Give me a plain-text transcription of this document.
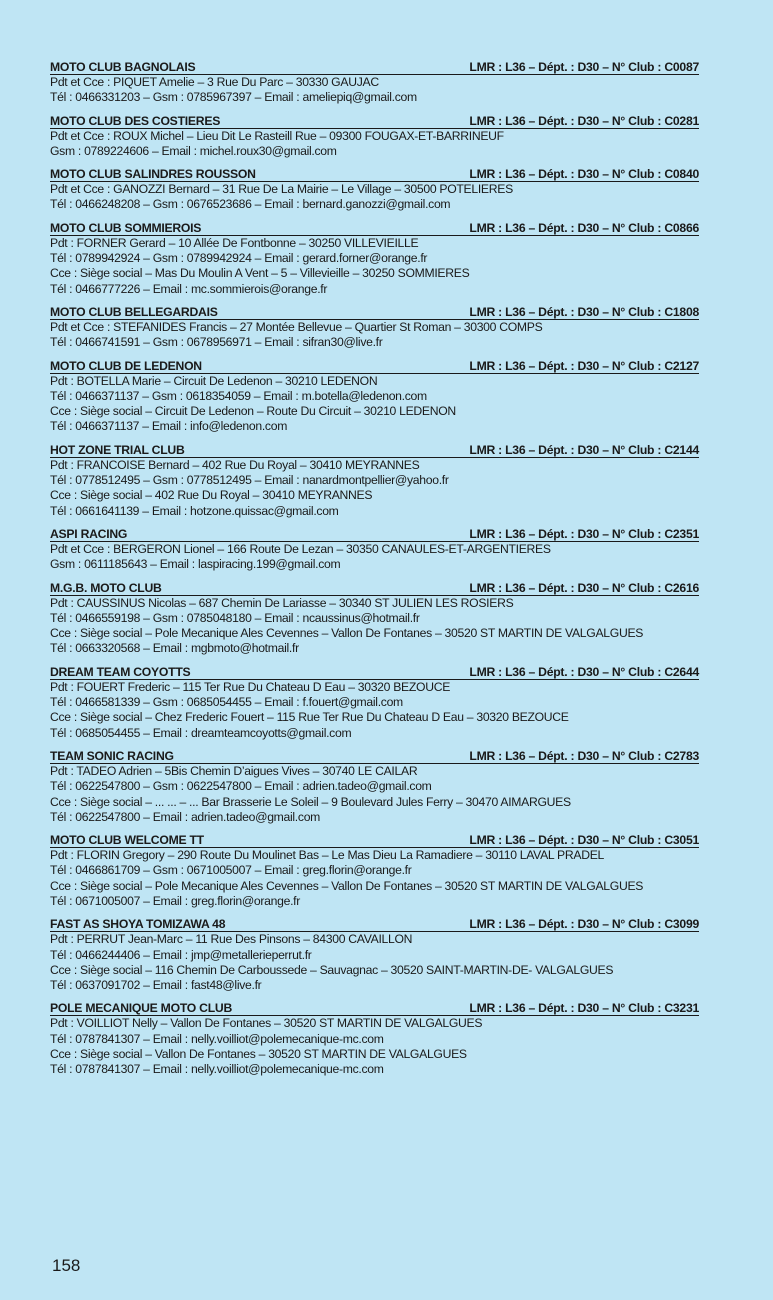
MOTO CLUB BAGNOLAIS	LMR : L36 – Dépt. : D30 – N° Club : C0087
Pdt et Cce : PIQUET Amelie – 3 Rue Du Parc – 30330 GAUJAC
Tél : 0466331203 – Gsm : 0785967397 – Email : ameliepiq@gmail.com
MOTO CLUB DES COSTIERES	LMR : L36 – Dépt. : D30 – N° Club : C0281
Pdt et Cce : ROUX Michel – Lieu Dit Le Rasteill Rue – 09300 FOUGAX-ET-BARRINEUF
Gsm : 0789224606 – Email : michel.roux30@gmail.com
MOTO CLUB SALINDRES ROUSSON	LMR : L36 – Dépt. : D30 – N° Club : C0840
Pdt et Cce : GANOZZI Bernard – 31 Rue De La Mairie – Le Village – 30500 POTELIERES
Tél : 0466248208 – Gsm : 0676523686 – Email : bernard.ganozzi@gmail.com
MOTO CLUB SOMMIEROIS	LMR : L36 – Dépt. : D30 – N° Club : C0866
Pdt : FORNER Gerard – 10 Allée De Fontbonne – 30250 VILLEVIEILLE
Tél : 0789942924 – Gsm : 0789942924 – Email : gerard.forner@orange.fr
Cce : Siège social – Mas Du Moulin A Vent – 5 – Villevieille – 30250 SOMMIERES
Tél : 0466777226 – Email : mc.sommierois@orange.fr
MOTO CLUB BELLEGARDAIS	LMR : L36 – Dépt. : D30 – N° Club : C1808
Pdt et Cce : STEFANIDES Francis – 27 Montée Bellevue – Quartier St Roman – 30300 COMPS
Tél : 0466741591 – Gsm : 0678956971 – Email : sifran30@live.fr
MOTO CLUB DE LEDENON	LMR : L36 – Dépt. : D30 – N° Club : C2127
Pdt : BOTELLA Marie – Circuit De Ledenon – 30210 LEDENON
Tél : 0466371137 – Gsm : 0618354059 – Email : m.botella@ledenon.com
Cce : Siège social – Circuit De Ledenon – Route Du Circuit – 30210 LEDENON
Tél : 0466371137 – Email : info@ledenon.com
HOT ZONE TRIAL CLUB	LMR : L36 – Dépt. : D30 – N° Club : C2144
Pdt : FRANCOISE Bernard – 402 Rue Du Royal – 30410 MEYRANNES
Tél : 0778512495 – Gsm : 0778512495 – Email : nanardmontpellier@yahoo.fr
Cce : Siège social – 402 Rue Du Royal – 30410 MEYRANNES
Tél : 0661641139 – Email : hotzone.quissac@gmail.com
ASPI RACING	LMR : L36 – Dépt. : D30 – N° Club : C2351
Pdt et Cce : BERGERON Lionel – 166 Route De Lezan – 30350 CANAULES-ET-ARGENTIERES
Gsm : 0611185643 – Email : laspiracing.199@gmail.com
M.G.B. MOTO CLUB	LMR : L36 – Dépt. : D30 – N° Club : C2616
Pdt : CAUSSINUS Nicolas – 687 Chemin De Lariasse – 30340 ST JULIEN LES ROSIERS
Tél : 0466559198 – Gsm : 0785048180 – Email : ncaussinus@hotmail.fr
Cce : Siège social – Pole Mecanique Ales Cevennes – Vallon De Fontanes – 30520 ST MARTIN DE VALGALGUES
Tél : 0663320568 – Email : mgbmoto@hotmail.fr
DREAM TEAM COYOTTS	LMR : L36 – Dépt. : D30 – N° Club : C2644
Pdt : FOUERT Frederic – 115 Ter Rue Du Chateau D Eau – 30320 BEZOUCE
Tél : 0466581339 – Gsm : 0685054455 – Email : f.fouert@gmail.com
Cce : Siège social – Chez Frederic Fouert – 115 Rue Ter Rue Du Chateau D Eau – 30320 BEZOUCE
Tél : 0685054455 – Email : dreamteamcoyotts@gmail.com
TEAM SONIC RACING	LMR : L36 – Dépt. : D30 – N° Club : C2783
Pdt : TADEO Adrien – 5Bis Chemin D’aigues Vives – 30740 LE CAILAR
Tél : 0622547800 – Gsm : 0622547800 – Email : adrien.tadeo@gmail.com
Cce : Siège social – ... ... – ... Bar Brasserie Le Soleil – 9 Boulevard Jules Ferry – 30470 AIMARGUES
Tél : 0622547800 – Email : adrien.tadeo@gmail.com
MOTO CLUB WELCOME TT	LMR : L36 – Dépt. : D30 – N° Club : C3051
Pdt : FLORIN Gregory – 290 Route Du Moulinet Bas – Le Mas Dieu La Ramadiere – 30110 LAVAL PRADEL
Tél : 0466861709 – Gsm : 0671005007 – Email : greg.florin@orange.fr
Cce : Siège social – Pole Mecanique Ales Cevennes – Vallon De Fontanes – 30520 ST MARTIN DE VALGALGUES
Tél : 0671005007 – Email : greg.florin@orange.fr
FAST AS SHOYA TOMIZAWA 48	LMR : L36 – Dépt. : D30 – N° Club : C3099
Pdt : PERRUT Jean-Marc – 11 Rue Des Pinsons – 84300 CAVAILLON
Tél : 0466244406 – Email : jmp@metallerieperrut.fr
Cce : Siège social – 116 Chemin De Carboussede – Sauvagnac – 30520 SAINT-MARTIN-DE- VALGALGUES
Tél : 0637091702 – Email : fast48@live.fr
POLE MECANIQUE MOTO CLUB	LMR : L36 – Dépt. : D30 – N° Club : C3231
Pdt : VOILLIOT Nelly – Vallon De Fontanes – 30520 ST MARTIN DE VALGALGUES
Tél : 0787841307 – Email : nelly.voilliot@polemecanique-mc.com
Cce : Siège social – Vallon De Fontanes – 30520 ST MARTIN DE VALGALGUES
Tél : 0787841307 – Email : nelly.voilliot@polemecanique-mc.com
158
